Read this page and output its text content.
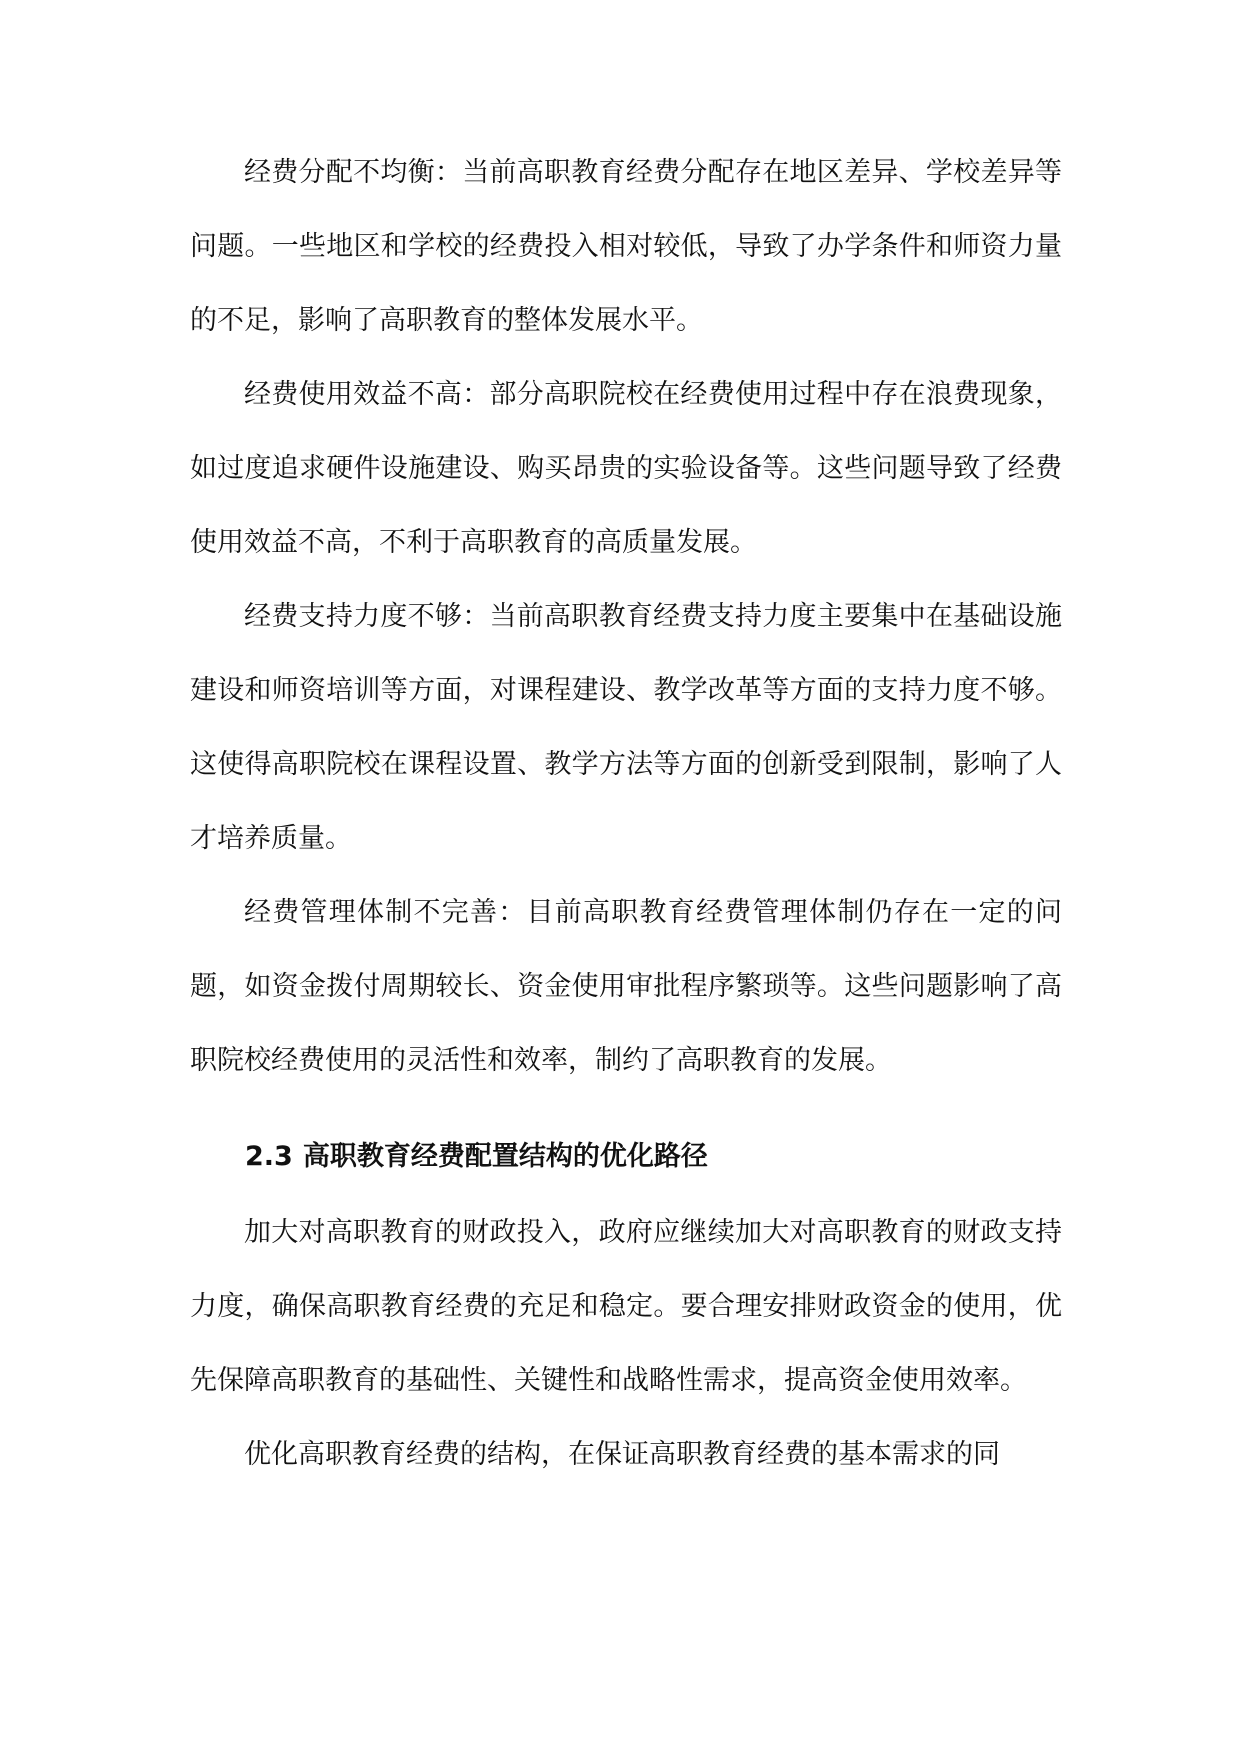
经费分配不均衡：当前高职教育经费分配存在地区差异、学校差异等问题。一些地区和学校的经费投入相对较低，导致了办学条件和师资力量的不足，影响了高职教育的整体发展水平。

经费使用效益不高：部分高职院校在经费使用过程中存在浪费现象，如过度追求硬件设施建设、购买昂贵的实验设备等。这些问题导致了经费使用效益不高，不利于高职教育的高质量发展。

经费支持力度不够：当前高职教育经费支持力度主要集中在基础设施建设和师资培训等方面，对课程建设、教学改革等方面的支持力度不够。这使得高职院校在课程设置、教学方法等方面的创新受到限制，影响了人才培养质量。

经费管理体制不完善：目前高职教育经费管理体制仍存在一定的问题，如资金拨付周期较长、资金使用审批程序繁琐等。这些问题影响了高职院校经费使用的灵活性和效率，制约了高职教育的发展。

2.3 高职教育经费配置结构的优化路径

加大对高职教育的财政投入，政府应继续加大对高职教育的财政支持力度，确保高职教育经费的充足和稳定。要合理安排财政资金的使用，优先保障高职教育的基础性、关键性和战略性需求，提高资金使用效率。

优化高职教育经费的结构，在保证高职教育经费的基本需求的同
